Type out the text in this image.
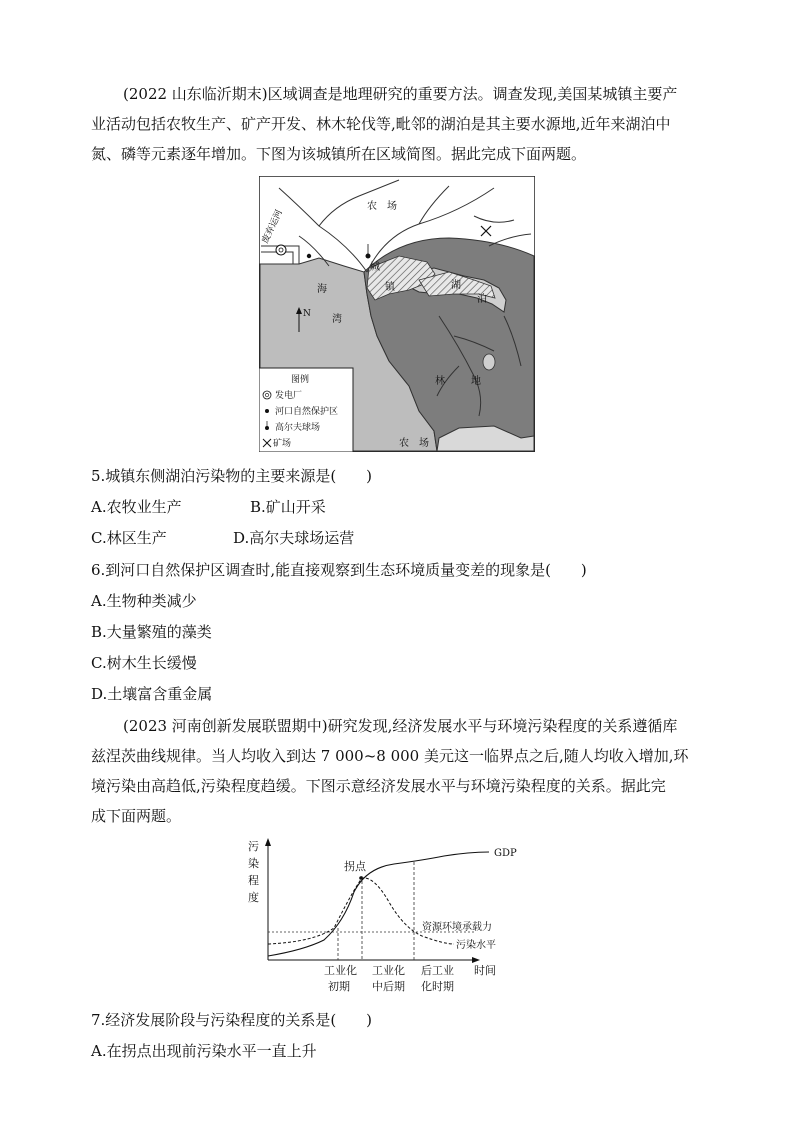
(2022 山东临沂期末)区域调查是地理研究的重要方法。调查发现,美国某城镇主要产
业活动包括农牧生产、矿产开发、林木轮伐等,毗邻的湖泊是其主要水源地,近年来湖泊中
氮、磷等元素逐年增加。下图为该城镇所在区域简图。据此完成下面两题。
农　场
废弃运河
海
湾
城
镇	湖
泊
林	地
农　场
N
图例
发电厂
河口自然保护区
高尔夫球场
矿场
5.城镇东侧湖泊污染物的主要来源是(　　)
A.农牧业生产	B.矿山开采
C.林区生产	D.高尔夫球场运营
6.到河口自然保护区调查时,能直接观察到生态环境质量变差的现象是(　　)
A.生物种类减少
B.大量繁殖的藻类
C.树木生长缓慢
D.土壤富含重金属
(2023 河南创新发展联盟期中)研究发现,经济发展水平与环境污染程度的关系遵循库
兹涅茨曲线规律。当人均收入到达 7 000~8 000 美元这一临界点之后,随人均收入增加,环
境污染由高趋低,污染程度趋缓。下图示意经济发展水平与环境污染程度的关系。据此完
成下面两题。
污
染
程
度
拐点
GDP
资源环境承载力
污染水平
工业化
初期
工业化
中后期
后工业
化时期
时间
7.经济发展阶段与污染程度的关系是(　　)
A.在拐点出现前污染水平一直上升
